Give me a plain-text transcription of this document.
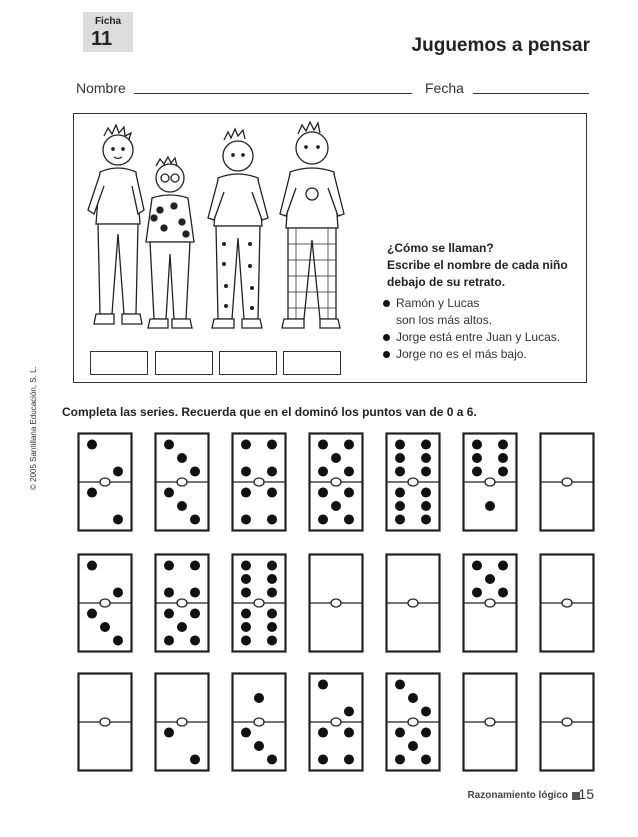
Ficha
11	Juguemos a pensar
Nombre	Fecha
© 2005 Santillana Educación, S. L.
¿Cómo se llaman?
Escribe el nombre de cada niño
debajo de su retrato.
Ramón y Lucas
son los más altos.
Jorge está entre Juan y Lucas.
Jorge no es el más bajo.
Completa las series. Recuerda que en el dominó los puntos van de 0 a 6.
Razonamiento lógico 15
